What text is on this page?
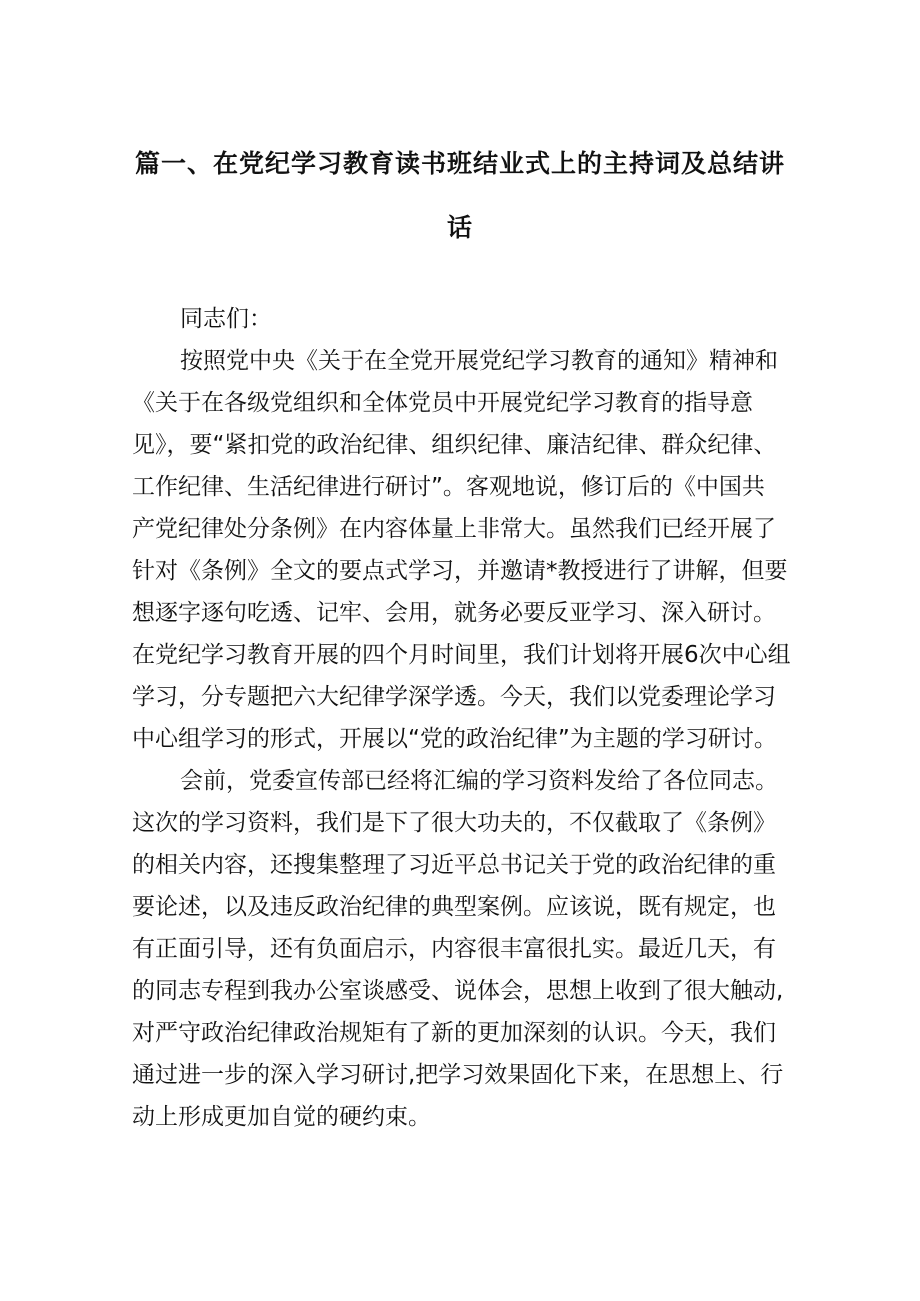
篇一、在党纪学习教育读书班结业式上的主持词及总结讲
话
同志们：
按照党中央《关于在全党开展党纪学习教育的通知》精神和
《关于在各级党组织和全体党员中开展党纪学习教育的指导意
见》，要“紧扣党的政治纪律、组织纪律、廉洁纪律、群众纪律、
工作纪律、生活纪律进行研讨”。客观地说，修订后的《中国共
产党纪律处分条例》在内容体量上非常大。虽然我们已经开展了
针对《条例》全文的要点式学习，并邀请*教授进行了讲解，但要
想逐字逐句吃透、记牢、会用，就务必要反亚学习、深入研讨。
在党纪学习教育开展的四个月时间里，我们计划将开展6次中心组
学习，分专题把六大纪律学深学透。今天，我们以党委理论学习
中心组学习的形式，开展以“党的政治纪律”为主题的学习研讨。
会前，党委宣传部已经将汇编的学习资料发给了各位同志。
这次的学习资料，我们是下了很大功夫的，不仅截取了《条例》
的相关内容，还搜集整理了习近平总书记关于党的政治纪律的重
要论述，以及违反政治纪律的典型案例。应该说，既有规定，也
有正面引导，还有负面启示，内容很丰富很扎实。最近几天，有
的同志专程到我办公室谈感受、说体会，思想上收到了很大触动,
对严守政治纪律政治规矩有了新的更加深刻的认识。今天，我们
通过进一步的深入学习研讨,把学习效果固化下来，在思想上、行
动上形成更加自觉的硬约束。
